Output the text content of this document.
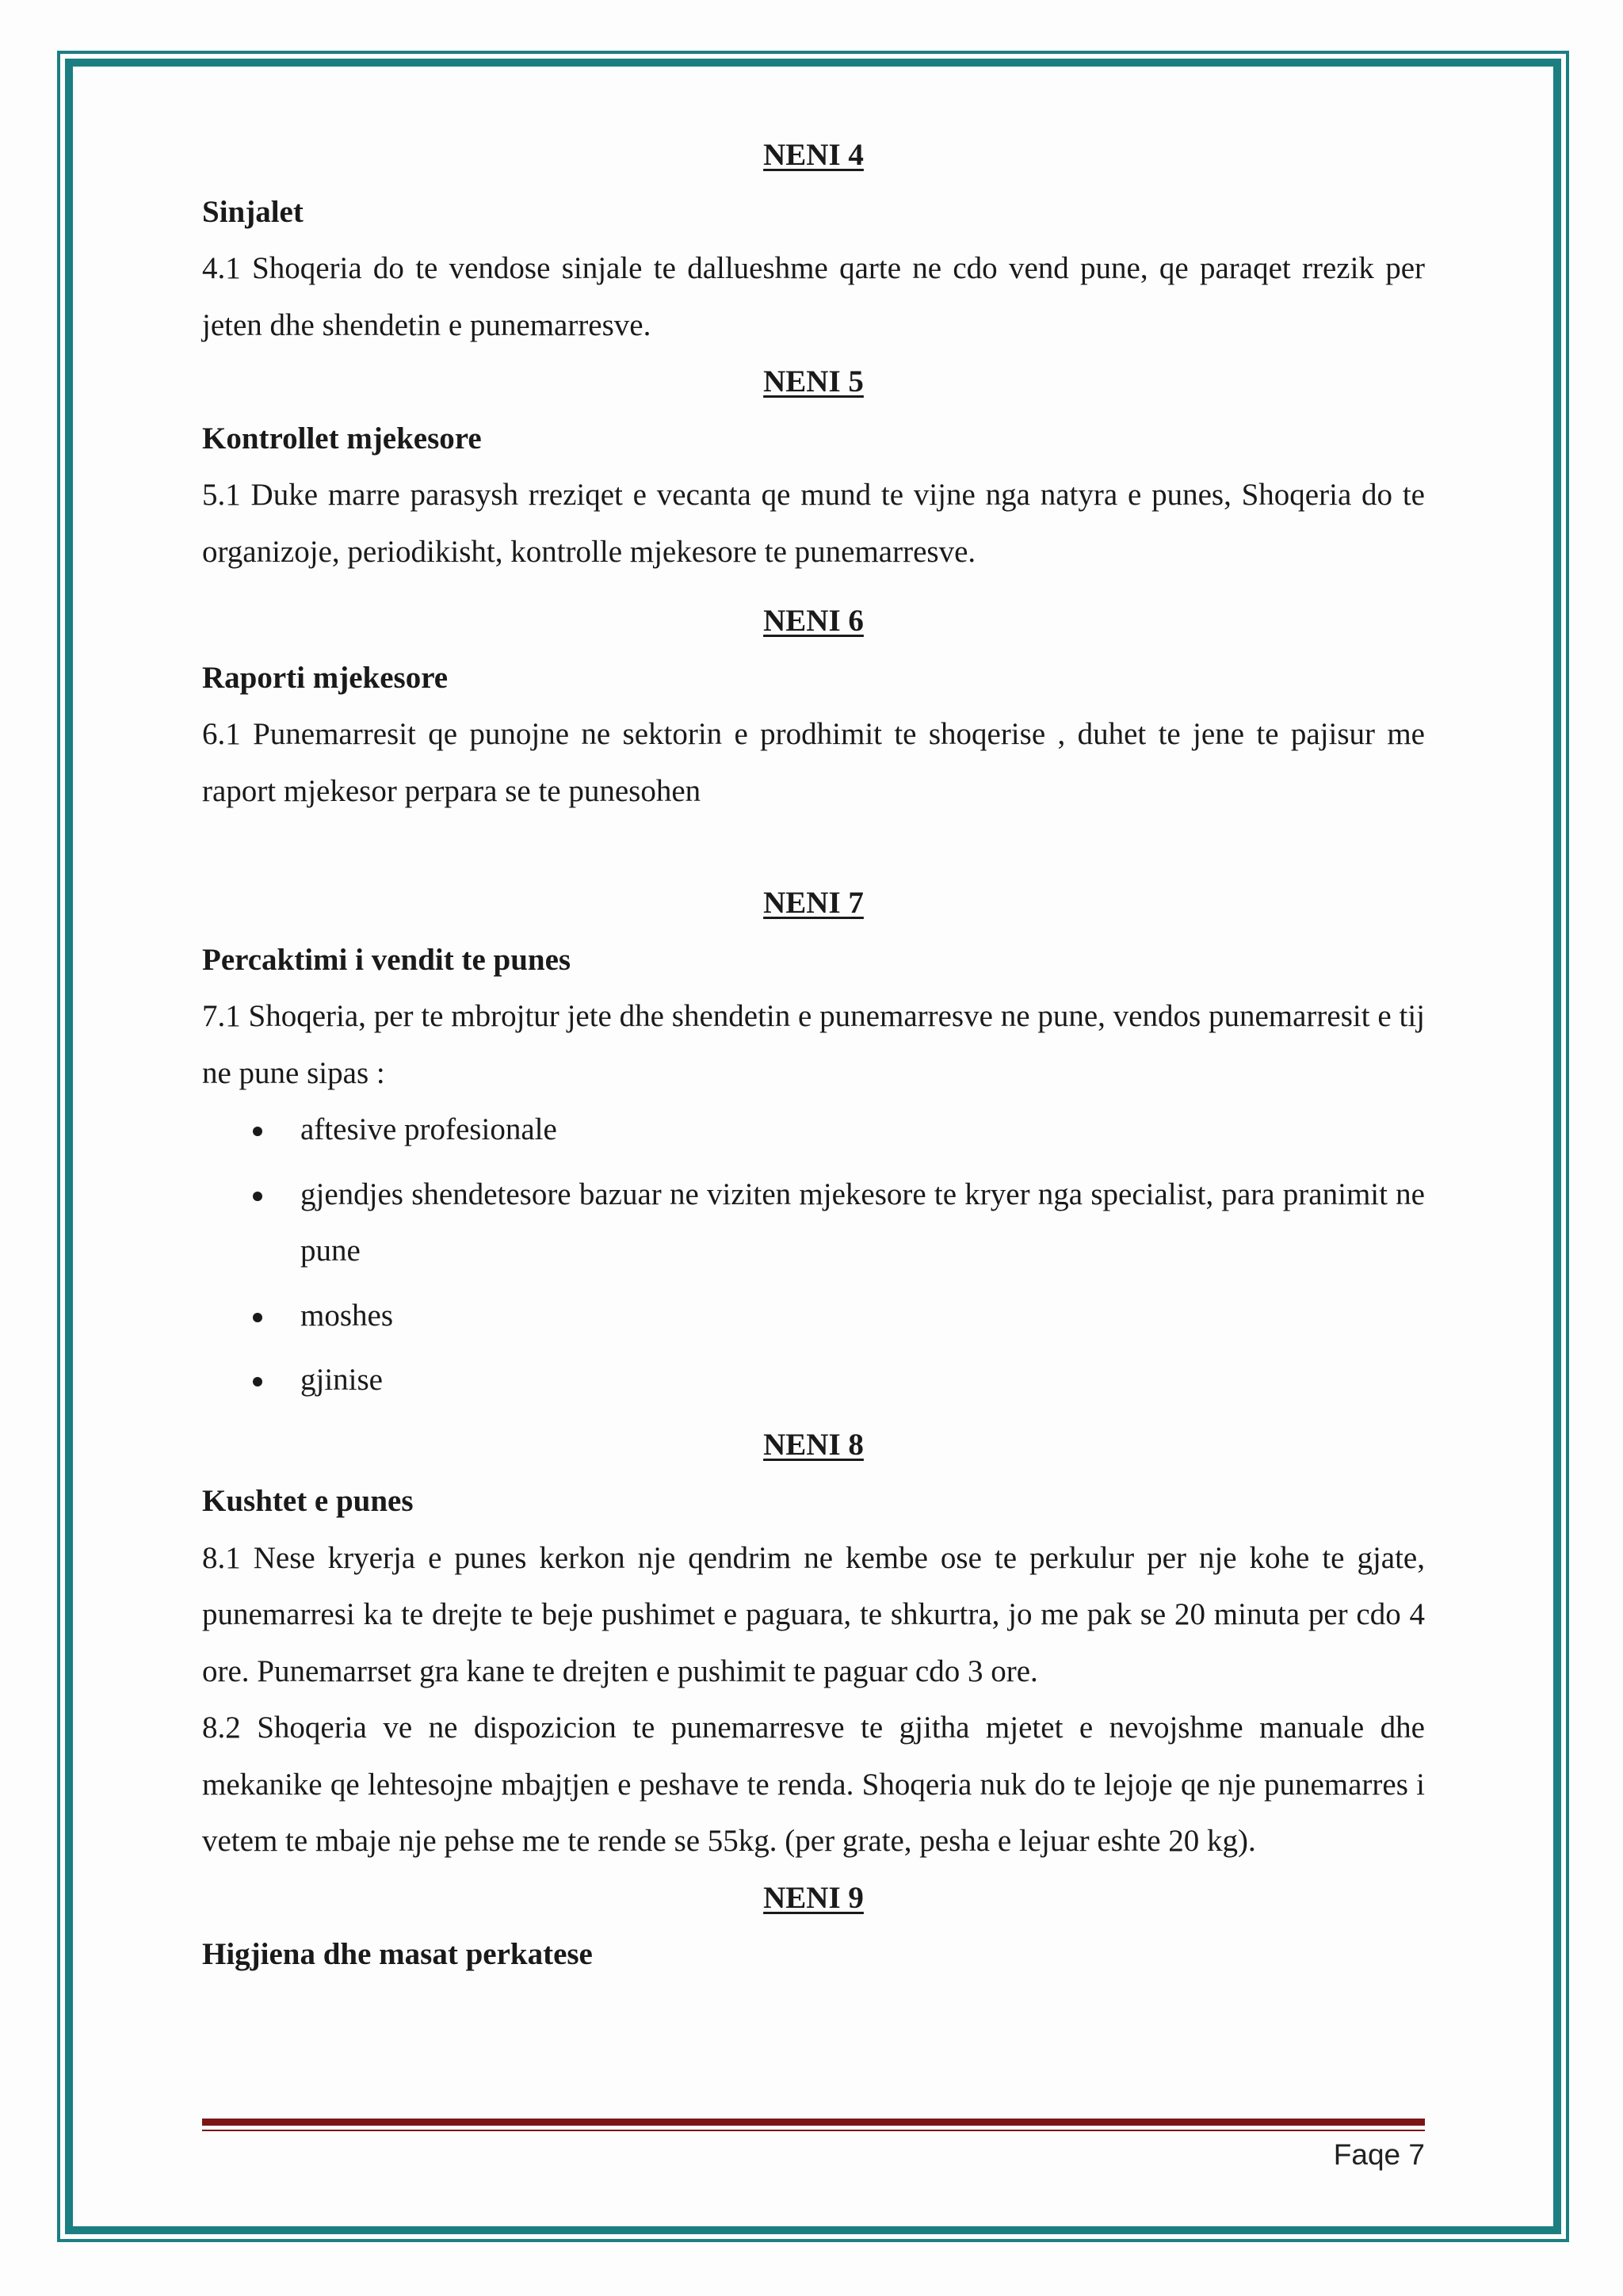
NENI 4
Sinjalet
4.1 Shoqeria do te vendose sinjale te dallueshme qarte ne cdo vend pune, qe paraqet rrezik per jeten dhe shendetin e punemarresve.
NENI 5
Kontrollet mjekesore
5.1 Duke marre parasysh rreziqet e vecanta qe mund te vijne nga natyra e punes, Shoqeria do te organizoje, periodikisht, kontrolle mjekesore te punemarresve.
NENI 6
Raporti mjekesore
6.1 Punemarresit qe punojne ne sektorin e prodhimit te shoqerise , duhet te jene te pajisur me raport mjekesor perpara se te punesohen
NENI 7
Percaktimi i vendit te punes
7.1 Shoqeria, per te mbrojtur jete dhe shendetin e punemarresve ne pune, vendos punemarresit e tij ne pune sipas :
aftesive profesionale
gjendjes shendetesore bazuar ne viziten mjekesore te kryer nga specialist, para pranimit ne pune
moshes
gjinise
NENI 8
Kushtet e punes
8.1 Nese kryerja e punes kerkon nje qendrim ne kembe ose te perkulur per nje kohe te gjate, punemarresi ka te drejte te beje pushimet e paguara, te shkurtra, jo me pak se 20 minuta per cdo 4 ore. Punemarrset gra kane te drejten e pushimit te paguar cdo 3 ore.
8.2 Shoqeria ve ne dispozicion te punemarresve te gjitha mjetet e nevojshme manuale dhe mekanike qe lehtesojne mbajtjen e peshave te renda. Shoqeria nuk do te lejoje qe nje punemarres i vetem te mbaje nje pehse me te rende se 55kg. (per grate, pesha e lejuar eshte 20 kg).
NENI 9
Higjiena dhe masat perkatese
Faqe 7
